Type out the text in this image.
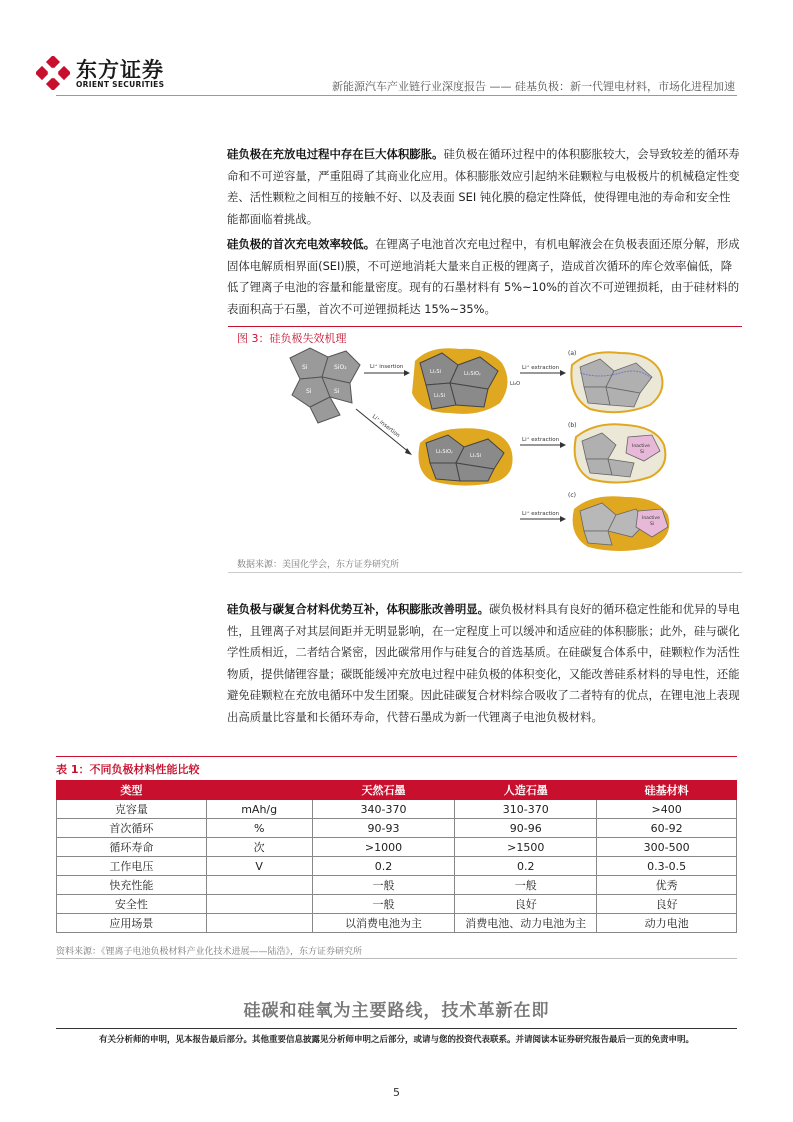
东方证券
ORIENT SECURITIES	新能源汽车产业链行业深度报告 —— 硅基负极：新一代锂电材料，市场化进程加速
硅负极在充放电过程中存在巨大体积膨胀。硅负极在循环过程中的体积膨胀较大，会导致较差的循环寿命和不可逆容量，严重阻碍了其商业化应用。体积膨胀效应引起纳米硅颗粒与电极极片的机械稳定性变差、活性颗粒之间相互的接触不好、以及表面 SEI 钝化膜的稳定性降低，使得锂电池的寿命和安全性能都面临着挑战。
硅负极的首次充电效率较低。在锂离子电池首次充电过程中，有机电解液会在负极表面还原分解，形成固体电解质相界面(SEI)膜，不可逆地消耗大量来自正极的锂离子，造成首次循环的库仑效率偏低，降低了锂离子电池的容量和能量密度。现有的石墨材料有 5%~10%的首次不可逆锂损耗，由于硅材料的表面积高于石墨，首次不可逆锂损耗达 15%~35%。
图 3：硅负极失效机理
Si	SiO₂
Si	Si
Li⁺ insertion
Li⁺ insertion
LiₓSi	LiₓSiOᵧ
LiₓSi
Li₂O
LiₓSiOᵧ
LiₓSi
Li⁺ extraction
Li⁺ extraction
Li⁺ extraction
(a)
(b)
Inactive
Si
(c)
Inactive
Si
数据来源：美国化学会，东方证券研究所
硅负极与碳复合材料优势互补，体积膨胀改善明显。碳负极材料具有良好的循环稳定性能和优异的导电性，且锂离子对其层间距并无明显影响，在一定程度上可以缓冲和适应硅的体积膨胀；此外，硅与碳化学性质相近，二者结合紧密，因此碳常用作与硅复合的首选基质。在硅碳复合体系中，硅颗粒作为活性物质，提供储锂容量；碳既能缓冲充放电过程中硅负极的体积变化，又能改善硅系材料的导电性，还能避免硅颗粒在充放电循环中发生团聚。因此硅碳复合材料综合吸收了二者特有的优点，在锂电池上表现出高质量比容量和长循环寿命，代替石墨成为新一代锂离子电池负极材料。
表 1：不同负极材料性能比较
类型		天然石墨	人造石墨	硅基材料
克容量	mAh/g	340-370	310-370	>400
首次循环	%	90-93	90-96	60-92
循环寿命	次	>1000	>1500	300-500
工作电压	V	0.2	0.2	0.3-0.5
快充性能		一般	一般	优秀
安全性		一般	良好	良好
应用场景		以消费电池为主	消费电池、动力电池为主	动力电池
资料来源：《锂离子电池负极材料产业化技术进展——陆浩》，东方证券研究所
硅碳和硅氧为主要路线，技术革新在即
有关分析师的申明，见本报告最后部分。其他重要信息披露见分析师申明之后部分，或请与您的投资代表联系。并请阅读本证券研究报告最后一页的免责申明。
5
